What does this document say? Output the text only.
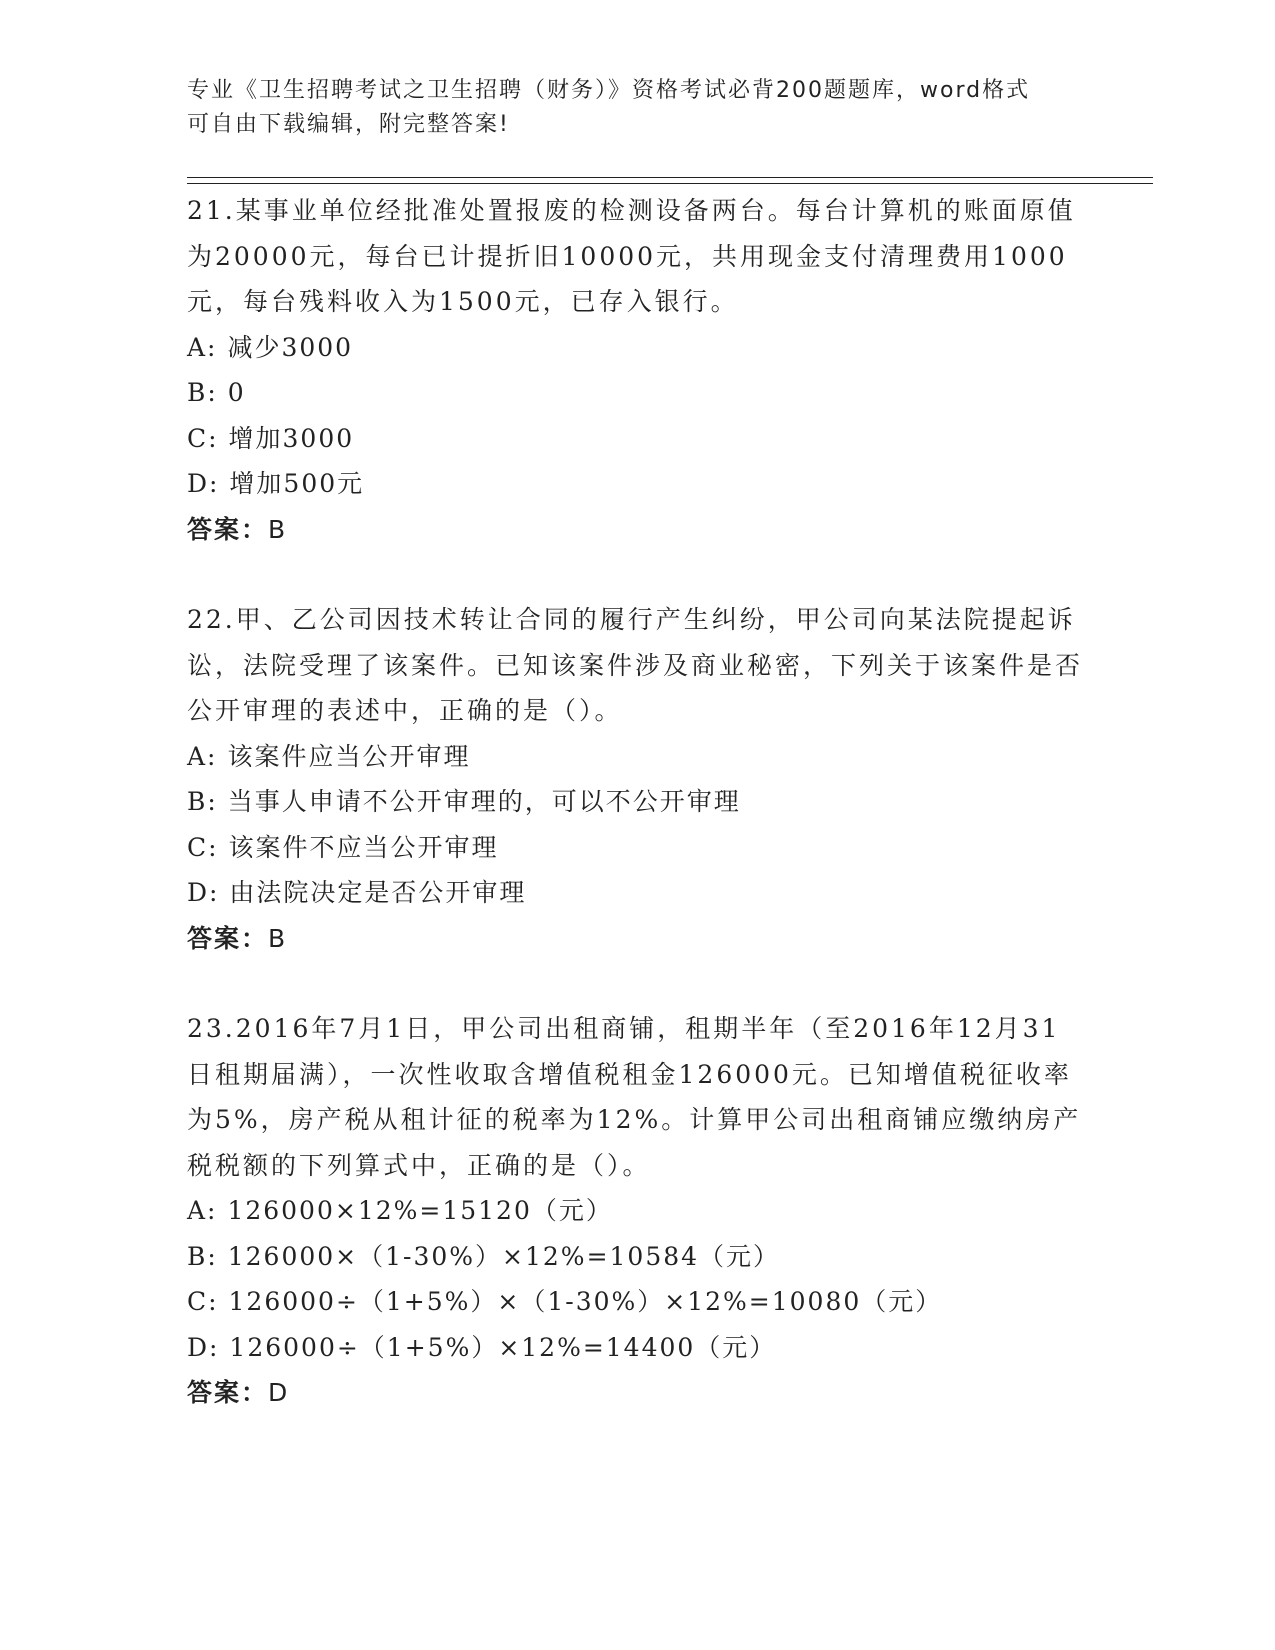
专业《卫生招聘考试之卫生招聘（财务）》资格考试必背200题题库，word格式
可自由下载编辑，附完整答案!

21.某事业单位经批准处置报废的检测设备两台。每台计算机的账面原值为20000元，每台已计提折旧10000元，共用现金支付清理费用1000元，每台残料收入为1500元，已存入银行。

A: 减少3000

B: 0

C: 增加3000

D: 增加500元

答案：B

22.甲、乙公司因技术转让合同的履行产生纠纷，甲公司向某法院提起诉讼，法院受理了该案件。已知该案件涉及商业秘密，下列关于该案件是否公开审理的表述中，正确的是（）。

A: 该案件应当公开审理

B: 当事人申请不公开审理的，可以不公开审理

C: 该案件不应当公开审理

D: 由法院决定是否公开审理

答案：B

23.2016年7月1日，甲公司出租商铺，租期半年（至2016年12月31日租期届满），一次性收取含增值税租金126000元。已知增值税征收率为5%，房产税从租计征的税率为12%。计算甲公司出租商铺应缴纳房产税税额的下列算式中，正确的是（）。

A: 126000×12%=15120（元）

B: 126000×（1-30%）×12%=10584（元）

C: 126000÷（1+5%）×（1-30%）×12%=10080（元）

D: 126000÷（1+5%）×12%=14400（元）

答案：D
